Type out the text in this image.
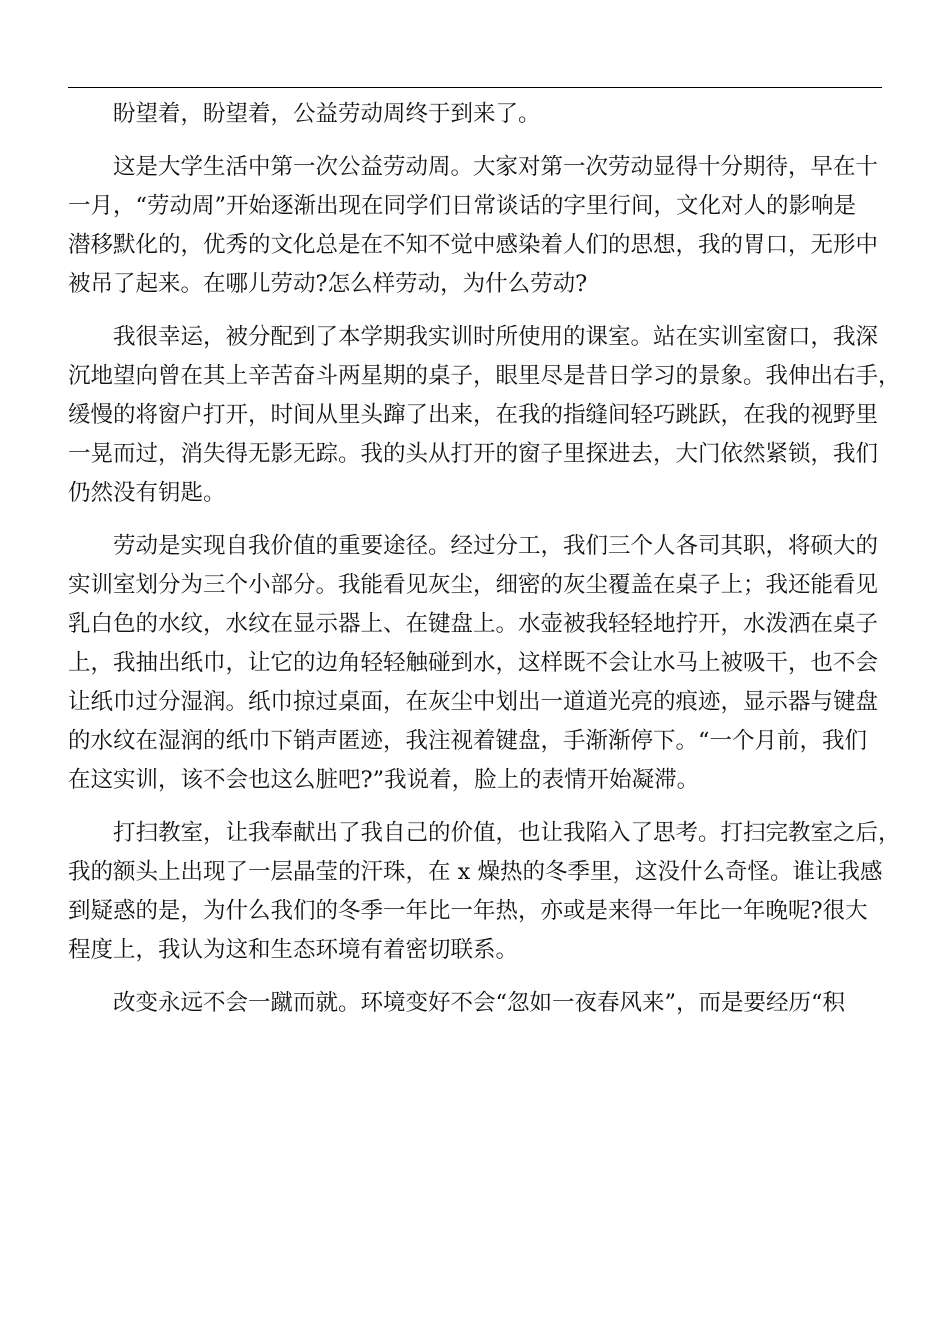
盼望着，盼望着，公益劳动周终于到来了。

这是大学生活中第一次公益劳动周。大家对第一次劳动显得十分期待，早在十
一月，“劳动周”开始逐渐出现在同学们日常谈话的字里行间，文化对人的影响是
潜移默化的，优秀的文化总是在不知不觉中感染着人们的思想，我的胃口，无形中
被吊了起来。在哪儿劳动?怎么样劳动，为什么劳动?

我很幸运，被分配到了本学期我实训时所使用的课室。站在实训室窗口，我深
沉地望向曾在其上辛苦奋斗两星期的桌子，眼里尽是昔日学习的景象。我伸出右手，
缓慢的将窗户打开，时间从里头蹿了出来，在我的指缝间轻巧跳跃，在我的视野里
一晃而过，消失得无影无踪。我的头从打开的窗子里探进去，大门依然紧锁，我们
仍然没有钥匙。

劳动是实现自我价值的重要途径。经过分工，我们三个人各司其职，将硕大的
实训室划分为三个小部分。我能看见灰尘，细密的灰尘覆盖在桌子上；我还能看见
乳白色的水纹，水纹在显示器上、在键盘上。水壶被我轻轻地拧开，水泼洒在桌子
上，我抽出纸巾，让它的边角轻轻触碰到水，这样既不会让水马上被吸干，也不会
让纸巾过分湿润。纸巾掠过桌面，在灰尘中划出一道道光亮的痕迹，显示器与键盘
的水纹在湿润的纸巾下销声匿迹，我注视着键盘，手渐渐停下。“一个月前，我们
在这实训，该不会也这么脏吧?”我说着，脸上的表情开始凝滞。

打扫教室，让我奉献出了我自己的价值，也让我陷入了思考。打扫完教室之后，
我的额头上出现了一层晶莹的汗珠，在 x 燥热的冬季里，这没什么奇怪。谁让我感
到疑惑的是，为什么我们的冬季一年比一年热，亦或是来得一年比一年晚呢?很大
程度上，我认为这和生态环境有着密切联系。

改变永远不会一蹴而就。环境变好不会“忽如一夜春风来”，而是要经历“积
